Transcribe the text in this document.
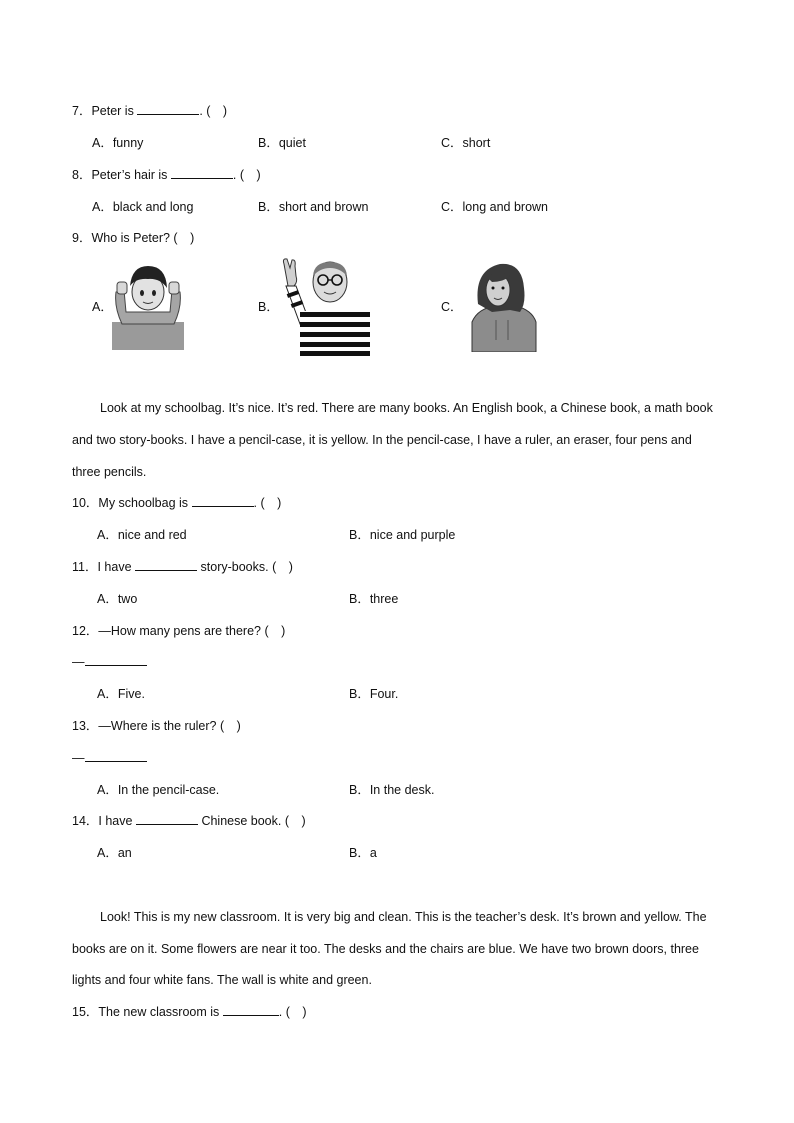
7．Peter is	. (　)
A．funny	B．quiet	C．short
8．Peter’s hair is	. (　)
A．black and long	B．short and brown	C．long and brown
9．Who is Peter? (　)
A．	B．	C．
Look at my schoolbag. It’s nice. It’s red. There are many books. An English book, a Chinese book, a math book
and two story-books. I have a pencil-case, it is yellow. In the pencil-case, I have a ruler, an eraser, four pens and
three pencils.
10．My schoolbag is	. (　)
A．nice and red	B．nice and purple
11．I have	story-books. (　)
A．two	B．three
12．—How many pens are there? (　)
—
A．Five.	B．Four.
13．—Where is the ruler? (　)
—
A．In the pencil-case.	B．In the desk.
14．I have	Chinese book. (　)
A．an	B．a
Look! This is my new classroom. It is very big and clean. This is the teacher’s desk. It’s brown and yellow. The
books are on it. Some flowers are near it too. The desks and the chairs are blue. We have two brown doors, three
lights and four white fans. The wall is white and green.
15．The new classroom is	. (　)
